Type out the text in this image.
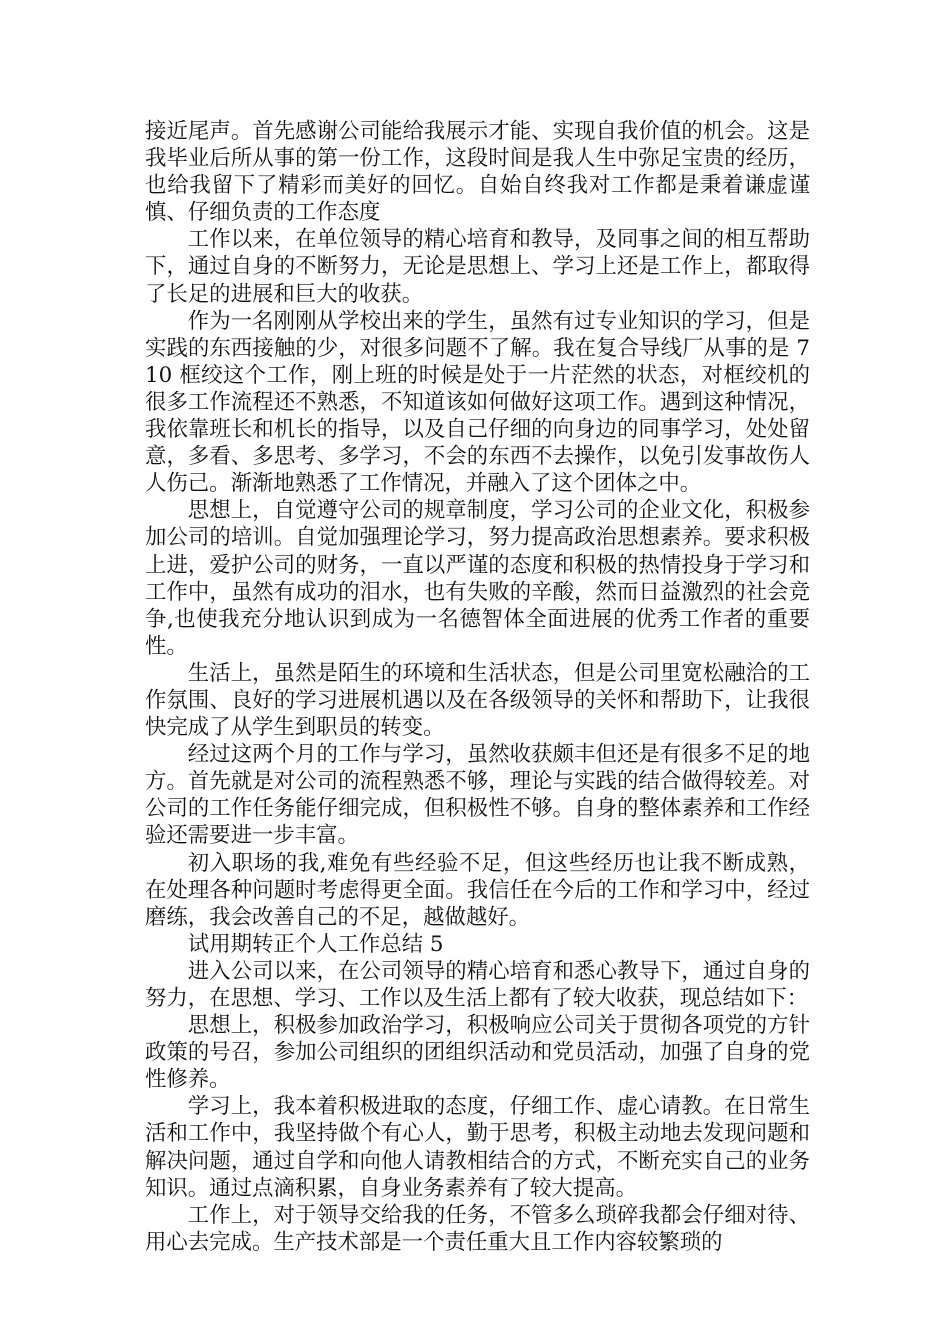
接近尾声。首先感谢公司能给我展示才能、实现自我价值的机会。这是我毕业后所从事的第一份工作，这段时间是我人生中弥足宝贵的经历，也给我留下了精彩而美好的回忆。自始自终我对工作都是秉着谦虚谨慎、仔细负责的工作态度

工作以来，在单位领导的精心培育和教导，及同事之间的相互帮助下，通过自身的不断努力，无论是思想上、学习上还是工作上，都取得了长足的进展和巨大的收获。

作为一名刚刚从学校出来的学生，虽然有过专业知识的学习，但是实践的东西接触的少，对很多问题不了解。我在复合导线厂从事的是 710 框绞这个工作，刚上班的时候是处于一片茫然的状态，对框绞机的很多工作流程还不熟悉，不知道该如何做好这项工作。遇到这种情况，我依靠班长和机长的指导，以及自己仔细的向身边的同事学习，处处留意，多看、多思考、多学习，不会的东西不去操作，以免引发事故伤人人伤己。渐渐地熟悉了工作情况，并融入了这个团体之中。

思想上，自觉遵守公司的规章制度，学习公司的企业文化，积极参加公司的培训。自觉加强理论学习，努力提高政治思想素养。要求积极上进，爱护公司的财务，一直以严谨的态度和积极的热情投身于学习和工作中，虽然有成功的泪水，也有失败的辛酸，然而日益激烈的社会竞争,也使我充分地认识到成为一名德智体全面进展的优秀工作者的重要性。

生活上，虽然是陌生的环境和生活状态，但是公司里宽松融洽的工作氛围、良好的学习进展机遇以及在各级领导的关怀和帮助下，让我很快完成了从学生到职员的转变。

经过这两个月的工作与学习，虽然收获颇丰但还是有很多不足的地方。首先就是对公司的流程熟悉不够，理论与实践的结合做得较差。对公司的工作任务能仔细完成，但积极性不够。自身的整体素养和工作经验还需要进一步丰富。

初入职场的我,难免有些经验不足，但这些经历也让我不断成熟，在处理各种问题时考虑得更全面。我信任在今后的工作和学习中，经过磨练，我会改善自己的不足，越做越好。

试用期转正个人工作总结 5

进入公司以来，在公司领导的精心培育和悉心教导下，通过自身的努力，在思想、学习、工作以及生活上都有了较大收获，现总结如下：

思想上，积极参加政治学习，积极响应公司关于贯彻各项党的方针政策的号召，参加公司组织的团组织活动和党员活动，加强了自身的党性修养。

学习上，我本着积极进取的态度，仔细工作、虚心请教。在日常生活和工作中，我坚持做个有心人，勤于思考，积极主动地去发现问题和解决问题，通过自学和向他人请教相结合的方式，不断充实自己的业务知识。通过点滴积累，自身业务素养有了较大提高。

工作上，对于领导交给我的任务，不管多么琐碎我都会仔细对待、用心去完成。生产技术部是一个责任重大且工作内容较繁琐的
